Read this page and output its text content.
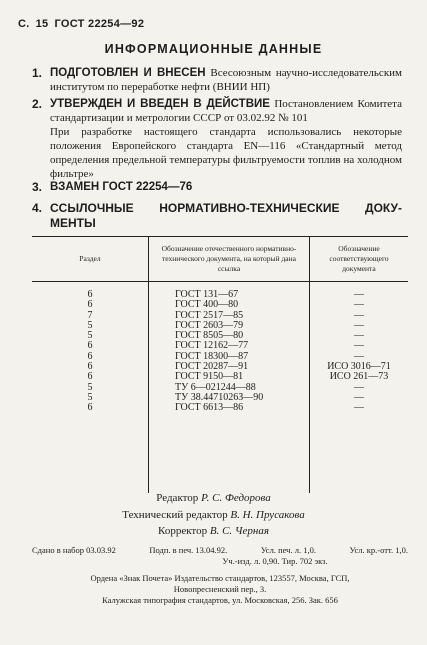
С. 15 ГОСТ 22254—92
ИНФОРМАЦИОННЫЕ ДАННЫЕ
1. ПОДГОТОВЛЕН И ВНЕСЕН Всесоюзным научно-исследовательским институтом по переработке нефти (ВНИИ НП)
2. УТВЕРЖДЕН И ВВЕДЕН В ДЕЙСТВИЕ Постановлением Комитета стандартизации и метрологии СССР от 03.02.92 № 101
При разработке настоящего стандарта использовались некоторые положения Европейского стандарта EN—116 «Стандартный метод определения предельной температуры фильтруемости топлив на холодном фильтре»
3. ВЗАМЕН ГОСТ 22254—76
4. ССЫЛОЧНЫЕ НОРМАТИВНО-ТЕХНИЧЕСКИЕ ДОКУ-
МЕНТЫ
Раздел	Обозначение отечественного нормативно-технического документа, на который дана ссылка	Обозначение соответствующего документа
6	ГОСТ 131—67	—
6	ГОСТ 400—80	—
7	ГОСТ 2517—85	—
5	ГОСТ 2603—79	—
5	ГОСТ 8505—80	—
6	ГОСТ 12162—77	—
6	ГОСТ 18300—87	—
6	ГОСТ 20287—91	ИСО 3016—71
6	ГОСТ 9150—81	ИСО 261—73
5	ТУ 6—021244—88	—
5	ТУ 38.4471026З—90	—
6	ГОСТ 6613—86	—
Редактор Р. С. Федорова
Технический редактор В. Н. Прусакова
Корректор В. С. Черная
Сдано в набор 03.03.92	Подп. в печ. 13.04.92.	Усл. печ. л. 1,0.	Усл. кр.-отт. 1,0.
Уч.-изд. л. 0,90. Тир. 702 экз.
Ордена «Знак Почета» Издательство стандартов, 123557, Москва, ГСП,
Новопресненский пер., 3.
Калужская типография стандартов, ул. Московская, 256. Зак. 656
